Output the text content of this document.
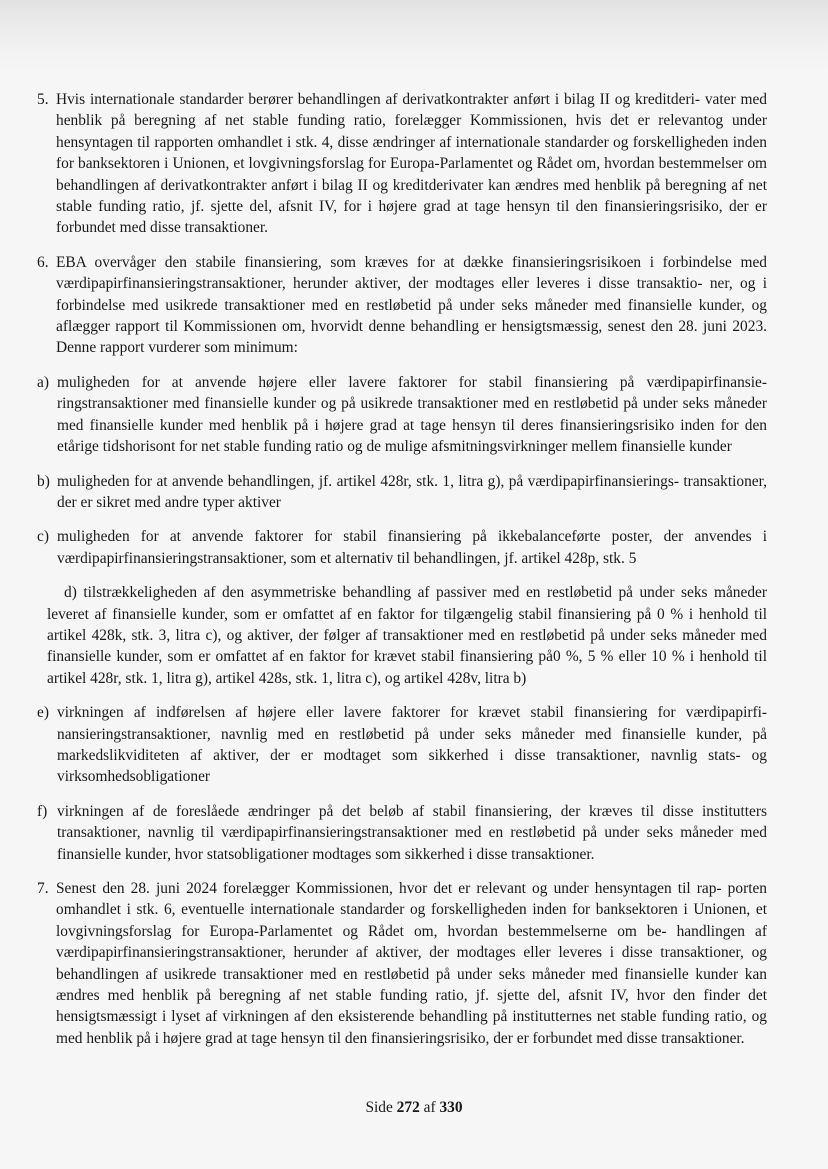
5. Hvis internationale standarder berører behandlingen af derivatkontrakter anført i bilag II og kreditderi- vater med henblik på beregning af net stable funding ratio, forelægger Kommissionen, hvis det er relevantog under hensyntagen til rapporten omhandlet i stk. 4, disse ændringer af internationale standarder og forskelligheden inden for banksektoren i Unionen, et lovgivningsforslag for Europa-Parlamentet og Rådet om, hvordan bestemmelser om behandlingen af derivatkontrakter anført i bilag II og kreditderivater kan ændres med henblik på beregning af net stable funding ratio, jf. sjette del, afsnit IV, for i højere grad at tage hensyn til den finansieringsrisiko, der er forbundet med disse transaktioner.
6. EBA overvåger den stabile finansiering, som kræves for at dække finansieringsrisikoen i forbindelse med værdipapirfinansieringstransaktioner, herunder aktiver, der modtages eller leveres i disse transaktio- ner, og i forbindelse med usikrede transaktioner med en restløbetid på under seks måneder med finansielle kunder, og aflægger rapport til Kommissionen om, hvorvidt denne behandling er hensigtsmæssig, senest den 28. juni 2023. Denne rapport vurderer som minimum:
a) muligheden for at anvende højere eller lavere faktorer for stabil finansiering på værdipapirfinansie- ringstransaktioner med finansielle kunder og på usikrede transaktioner med en restløbetid på under seks måneder med finansielle kunder med henblik på i højere grad at tage hensyn til deres finansieringsrisiko inden for den etårige tidshorisont for net stable funding ratio og de mulige afsmitningsvirkninger mellem finansielle kunder
b) muligheden for at anvende behandlingen, jf. artikel 428r, stk. 1, litra g), på værdipapirfinansierings- transaktioner, der er sikret med andre typer aktiver
c) muligheden for at anvende faktorer for stabil finansiering på ikkebalanceførte poster, der anvendes i værdipapirfinansieringstransaktioner, som et alternativ til behandlingen, jf. artikel 428p, stk. 5
d) tilstrækkeligheden af den asymmetriske behandling af passiver med en restløbetid på under seks måneder leveret af finansielle kunder, som er omfattet af en faktor for tilgængelig stabil finansiering på 0 % i henhold til artikel 428k, stk. 3, litra c), og aktiver, der følger af transaktioner med en restløbetid på under seks måneder med finansielle kunder, som er omfattet af en faktor for krævet stabil finansiering på0 %, 5 % eller 10 % i henhold til artikel 428r, stk. 1, litra g), artikel 428s, stk. 1, litra c), og artikel 428v, litra b)
e) virkningen af indførelsen af højere eller lavere faktorer for krævet stabil finansiering for værdipapirfi- nansieringstransaktioner, navnlig med en restløbetid på under seks måneder med finansielle kunder, på markedslikviditeten af aktiver, der er modtaget som sikkerhed i disse transaktioner, navnlig stats- og virksomhedsobligationer
f) virkningen af de foreslåede ændringer på det beløb af stabil finansiering, der kræves til disse institutters transaktioner, navnlig til værdipapirfinansieringstransaktioner med en restløbetid på under seks måneder med finansielle kunder, hvor statsobligationer modtages som sikkerhed i disse transaktioner.
7. Senest den 28. juni 2024 forelægger Kommissionen, hvor det er relevant og under hensyntagen til rap- porten omhandlet i stk. 6, eventuelle internationale standarder og forskelligheden inden for banksektoren i Unionen, et lovgivningsforslag for Europa-Parlamentet og Rådet om, hvordan bestemmelserne om be- handlingen af værdipapirfinansieringstransaktioner, herunder af aktiver, der modtages eller leveres i disse transaktioner, og behandlingen af usikrede transaktioner med en restløbetid på under seks måneder med finansielle kunder kan ændres med henblik på beregning af net stable funding ratio, jf. sjette del, afsnit IV, hvor den finder det hensigtsmæssigt i lyset af virkningen af den eksisterende behandling på institutternes net stable funding ratio, og med henblik på i højere grad at tage hensyn til den finansieringsrisiko, der er forbundet med disse transaktioner.
Side 272 af 330
